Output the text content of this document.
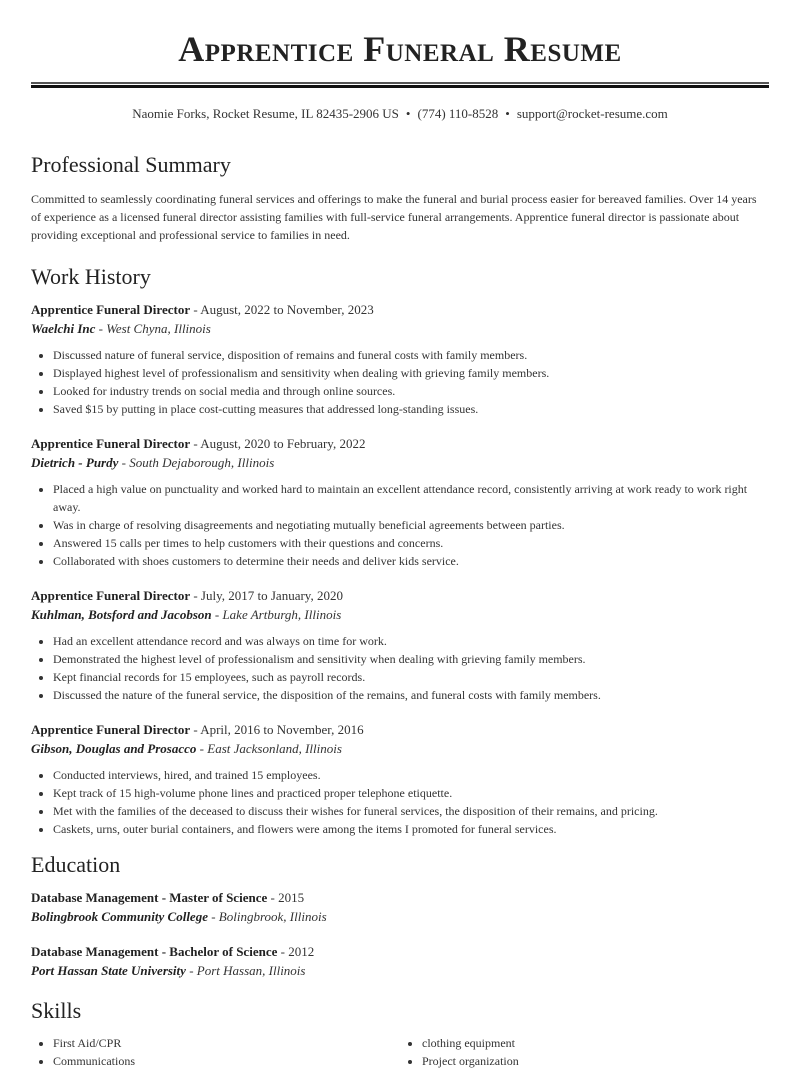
Apprentice Funeral Resume
Naomie Forks, Rocket Resume, IL 82435-2906 US • (774) 110-8528 • support@rocket-resume.com
Professional Summary

Committed to seamlessly coordinating funeral services and offerings to make the funeral and burial process easier for bereaved families. Over 14 years of experience as a licensed funeral director assisting families with full-service funeral arrangements. Apprentice funeral director is passionate about providing exceptional and professional service to families in need.

Work History
Apprentice Funeral Director - August, 2022 to November, 2023
Waelchi Inc - West Chyna, Illinois
• Discussed nature of funeral service, disposition of remains and funeral costs with family members.
• Displayed highest level of professionalism and sensitivity when dealing with grieving family members.
• Looked for industry trends on social media and through online sources.
• Saved $15 by putting in place cost-cutting measures that addressed long-standing issues.
Apprentice Funeral Director - August, 2020 to February, 2022
Dietrich - Purdy - South Dejaborough, Illinois
• Placed a high value on punctuality and worked hard to maintain an excellent attendance record, consistently arriving at work ready to work right away.
• Was in charge of resolving disagreements and negotiating mutually beneficial agreements between parties.
• Answered 15 calls per times to help customers with their questions and concerns.
• Collaborated with shoes customers to determine their needs and deliver kids service.
Apprentice Funeral Director - July, 2017 to January, 2020
Kuhlman, Botsford and Jacobson - Lake Artburgh, Illinois
• Had an excellent attendance record and was always on time for work.
• Demonstrated the highest level of professionalism and sensitivity when dealing with grieving family members.
• Kept financial records for 15 employees, such as payroll records.
• Discussed the nature of the funeral service, the disposition of the remains, and funeral costs with family members.
Apprentice Funeral Director - April, 2016 to November, 2016
Gibson, Douglas and Prosacco - East Jacksonland, Illinois
• Conducted interviews, hired, and trained 15 employees.
• Kept track of 15 high-volume phone lines and practiced proper telephone etiquette.
• Met with the families of the deceased to discuss their wishes for funeral services, the disposition of their remains, and pricing.
• Caskets, urns, outer burial containers, and flowers were among the items I promoted for funeral services.
Education
Database Management - Master of Science - 2015
Bolingbrook Community College - Bolingbrook, Illinois
Database Management - Bachelor of Science - 2012
Port Hassan State University - Port Hassan, Illinois
Skills
• First Aid/CPR
• Communications
• clothing equipment
• Project organization
